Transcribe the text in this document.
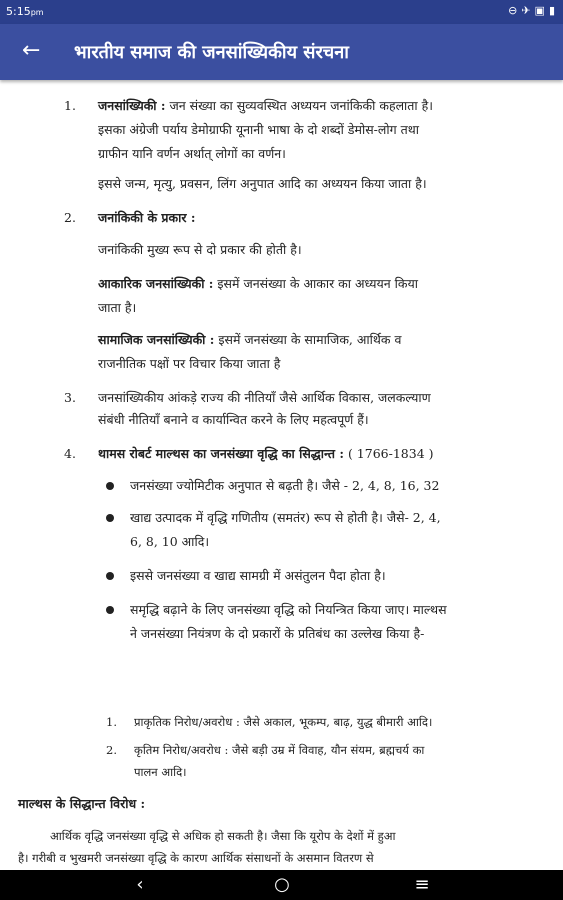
5:15pm	⊖ ✈ ▣ ▮
←	भारतीय समाज की जनसांख्यिकीय संरचना
1. जनसांख्यिकी : जन संख्या का सुव्यवस्थित अध्ययन जनांकिकी कहलाता है।
इसका अंग्रेजी पर्याय डेमोग्राफी यूनानी भाषा के दो शब्दों डेमोस-लोग तथा
ग्राफीन यानि वर्णन अर्थात् लोगों का वर्णन।
इससे जन्म, मृत्यु, प्रवसन, लिंग अनुपात आदि का अध्ययन किया जाता है।
2. जनांकिकी के प्रकार :
जनांकिकी मुख्य रूप से दो प्रकार की होती है।
आकारिक जनसांख्यिकी : इसमें जनसंख्या के आकार का अध्ययन किया
जाता है।
सामाजिक जनसांख्यिकी : इसमें जनसंख्या के सामाजिक, आर्थिक व
राजनीतिक पक्षों पर विचार किया जाता है
3. जनसांख्यिकीय आंकड़े राज्य की नीतियाँ जैसे आर्थिक विकास, जलकल्याण
संबंधी नीतियाँ बनाने व कार्यान्वित करने के लिए महत्वपूर्ण हैं।
4. थामस रोबर्ट माल्थस का जनसंख्या वृद्धि का सिद्धान्त : ( 1766-1834 )
जनसंख्या ज्योमिटीक अनुपात से बढ़ती है। जैसे - 2, 4, 8, 16, 32
खाद्य उत्पादक में वृद्धि गणितीय (समतंर) रूप से होती है। जैसे- 2, 4,
6, 8, 10 आदि।
इससे जनसंख्या व खाद्य सामग्री में असंतुलन पैदा होता है।
समृद्धि बढ़ाने के लिए जनसंख्या वृद्धि को नियन्त्रित किया जाए। माल्थस
ने जनसंख्या नियंत्रण के दो प्रकारों के प्रतिबंध का उल्लेख किया है-
1. प्राकृतिक निरोध/अवरोध : जैसे अकाल, भूकम्प, बाढ़, युद्ध बीमारी आदि।
2. कृतिम निरोध/अवरोध : जैसे बड़ी उम्र में विवाह, यौन संयम, ब्रह्मचर्य का
पालन आदि।
माल्थस के सिद्धान्त विरोध :
आर्थिक वृद्धि जनसंख्या वृद्धि से अधिक हो सकती है। जैसा कि यूरोप के देशों में हुआ
है। गरीबी व भुखमरी जनसंख्या वृद्धि के कारण आर्थिक संसाधनों के असमान वितरण से
‹	○	≡
